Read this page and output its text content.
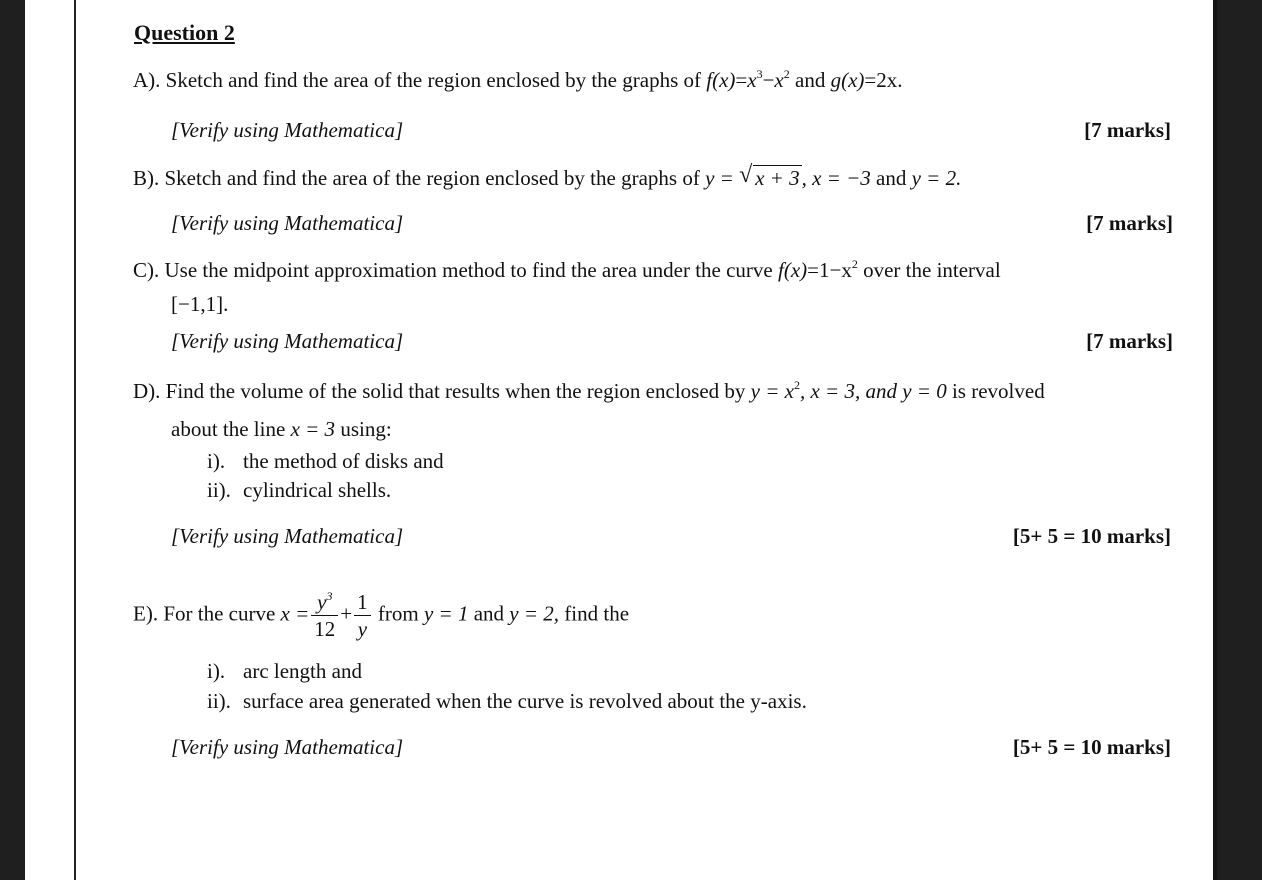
Question 2
A). Sketch and find the area of the region enclosed by the graphs of $f(x)=x^3-x^2$ and g(x)=2x.
[Verify using Mathematica]	[7 marks]
B). Sketch and find the area of the region enclosed by the graphs of y = √ x + 3, x = −3 and y = 2.
[Verify using Mathematica]	[7 marks]
C). Use the midpoint approximation method to find the area under the curve $f(x)=1-x^2$ over the interval
[−1,1].
[Verify using Mathematica]	[7 marks]
D). Find the volume of the solid that results when the region enclosed by $y = x^2$, x = 3, and y = 0 is revolved
about the line x = 3 using:
i). the method of disks and
ii). cylindrical shells.
[Verify using Mathematica]	[5+ 5 = 10 marks]
E). For the curve $x = \frac{y^3}{12} + \frac{1}{y}$ from y = 1 and y = 2, find the
i). arc length and
ii). surface area generated when the curve is revolved about the y-axis.
[Verify using Mathematica]	[5+ 5 = 10 marks]
